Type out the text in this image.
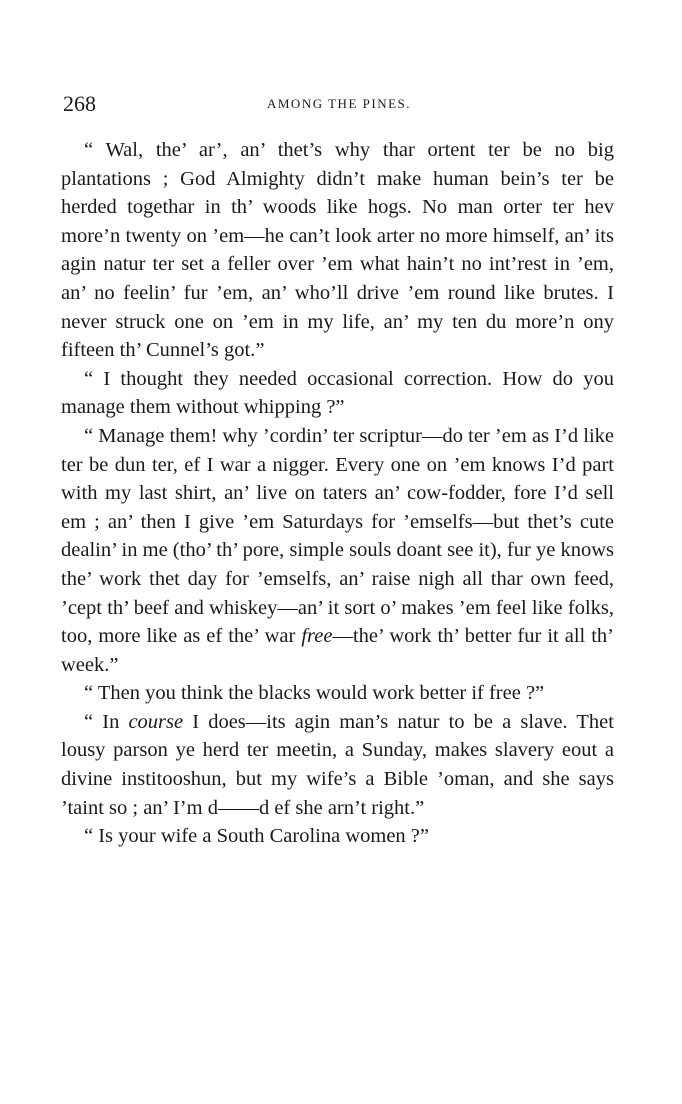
268	AMONG THE PINES.

“ Wal, the’ ar’, an’ thet’s why thar ortent ter be no big plantations ; God Almighty didn’t make human bein’s ter be herded togethar in th’ woods like hogs. No man orter ter hev more’n twenty on ’em—he can’t look arter no more himself, an’ its agin natur ter set a feller over ’em what hain’t no int’rest in ’em, an’ no feelin’ fur ’em, an’ who’ll drive ’em round like brutes. I never struck one on ’em in my life, an’ my ten du more’n ony fifteen th’ Cunnel’s got.”

“ I thought they needed occasional correction. How do you manage them without whipping ?”

“ Manage them! why ’cordin’ ter scriptur—do ter ’em as I’d like ter be dun ter, ef I war a nigger. Every one on ’em knows I’d part with my last shirt, an’ live on taters an’ cow-fodder, fore I’d sell em ; an’ then I give ’em Saturdays for ’emselfs—but thet’s cute dealin’ in me (tho’ th’ pore, simple souls doant see it), fur ye knows the’ work thet day for ’emselfs, an’ raise nigh all thar own feed, ’cept th’ beef and whiskey—an’ it sort o’ makes ’em feel like folks, too, more like as ef the’ war free—the’ work th’ better fur it all th’ week.”

“ Then you think the blacks would work better if free ?”

“ In course I does—its agin man’s natur to be a slave. Thet lousy parson ye herd ter meetin, a Sunday, makes slavery eout a divine institooshun, but my wife’s a Bible ’oman, and she says ’taint so ; an’ I’m d——d ef she arn’t right.”

“ Is your wife a South Carolina women ?”
